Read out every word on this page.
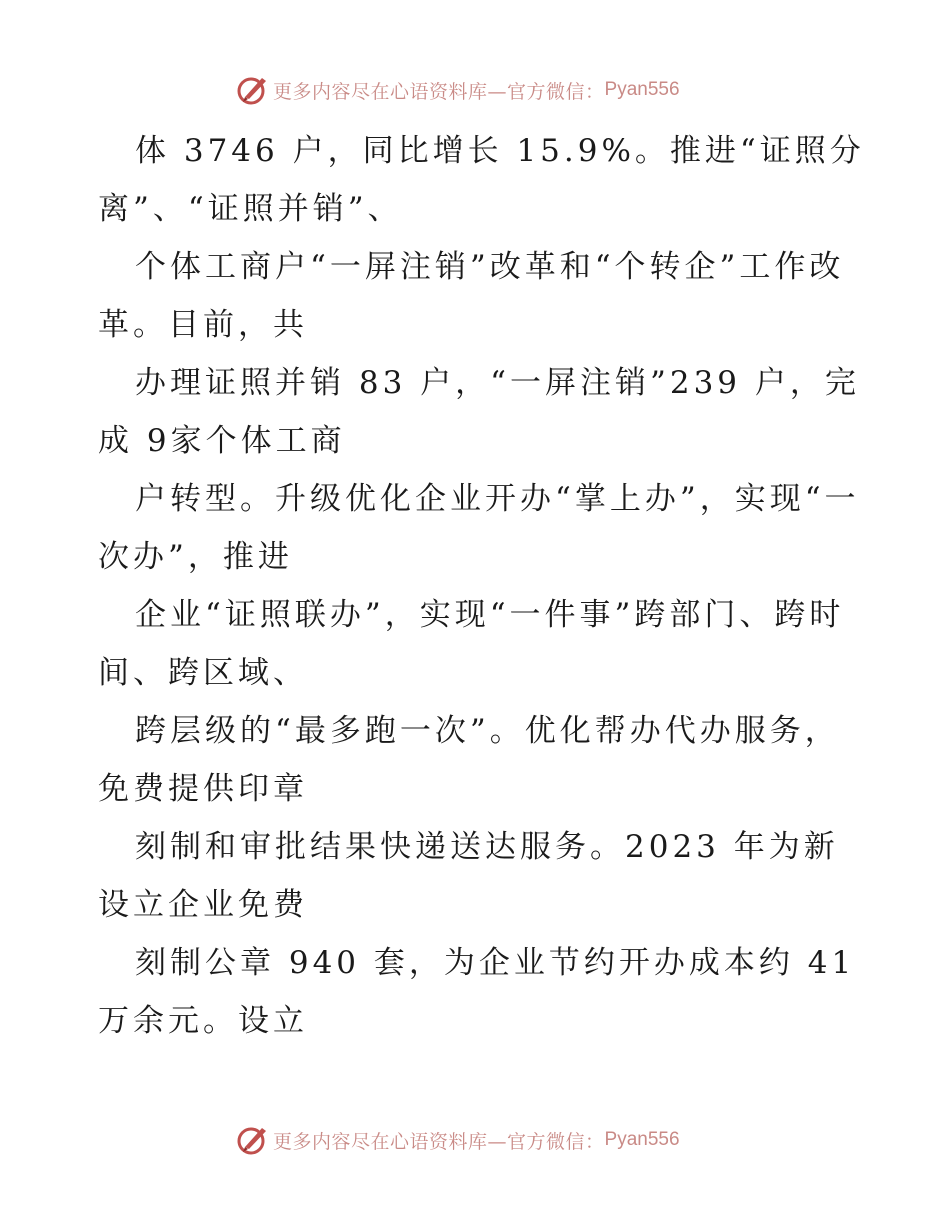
更多内容尽在心语资料库—官方微信： Pyan556

体 3746 户，同比增长 15.9%。推进“证照分离”、“证照并销”、

个体工商户“一屏注销”改革和“个转企”工作改革。目前，共

办理证照并销 83 户，“一屏注销”239 户，完成 9家个体工商

户转型。升级优化企业开办“掌上办”，实现“一次办”，推进

企业“证照联办”，实现“一件事”跨部门、跨时间、跨区域、

跨层级的“最多跑一次”。优化帮办代办服务，免费提供印章

刻制和审批结果快递送达服务。2023 年为新设立企业免费

刻制公章 940 套，为企业节约开办成本约 41 万余元。设立

更多内容尽在心语资料库—官方微信： Pyan556
